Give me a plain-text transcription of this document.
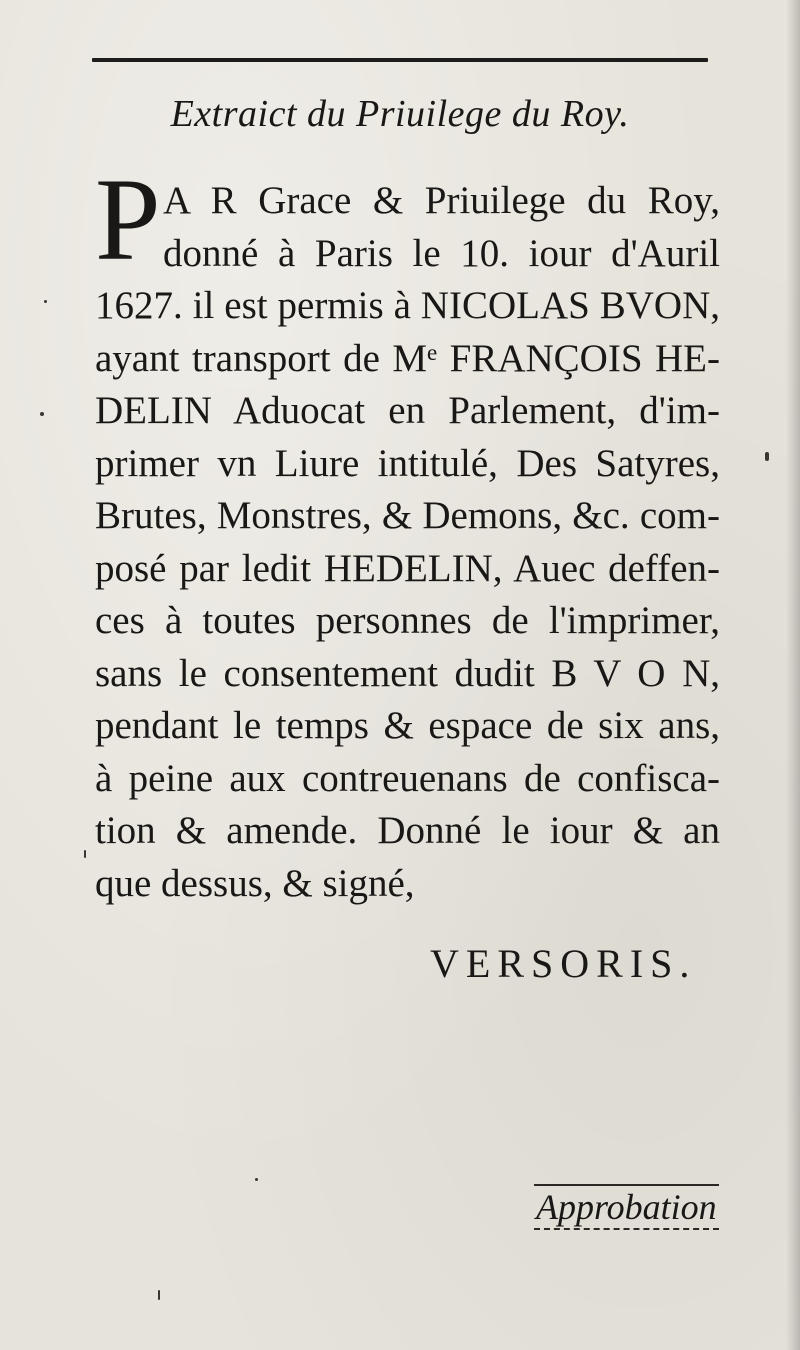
Extraict du Priuilege du Roy.
P A R Grace & Priuilege du Roy,
donné à Paris le 10. iour d'Auril
1627. il est permis à NICOLAS BVON,
ayant transport de Mᵉ FRANÇOIS HE-
DELIN Aduocat en Parlement, d'im-
primer vn Liure intitulé, Des Satyres,
Brutes, Monstres, & Demons, &c. com-
posé par ledit HEDELIN, Auec deffen-
ces à toutes personnes de l'imprimer,
sans le consentement dudit B V O N,
pendant le temps & espace de six ans,
à peine aux contreuenans de confisca-
tion & amende. Donné le iour & an
que dessus, & signé,
VERSORIS.
Approbation
